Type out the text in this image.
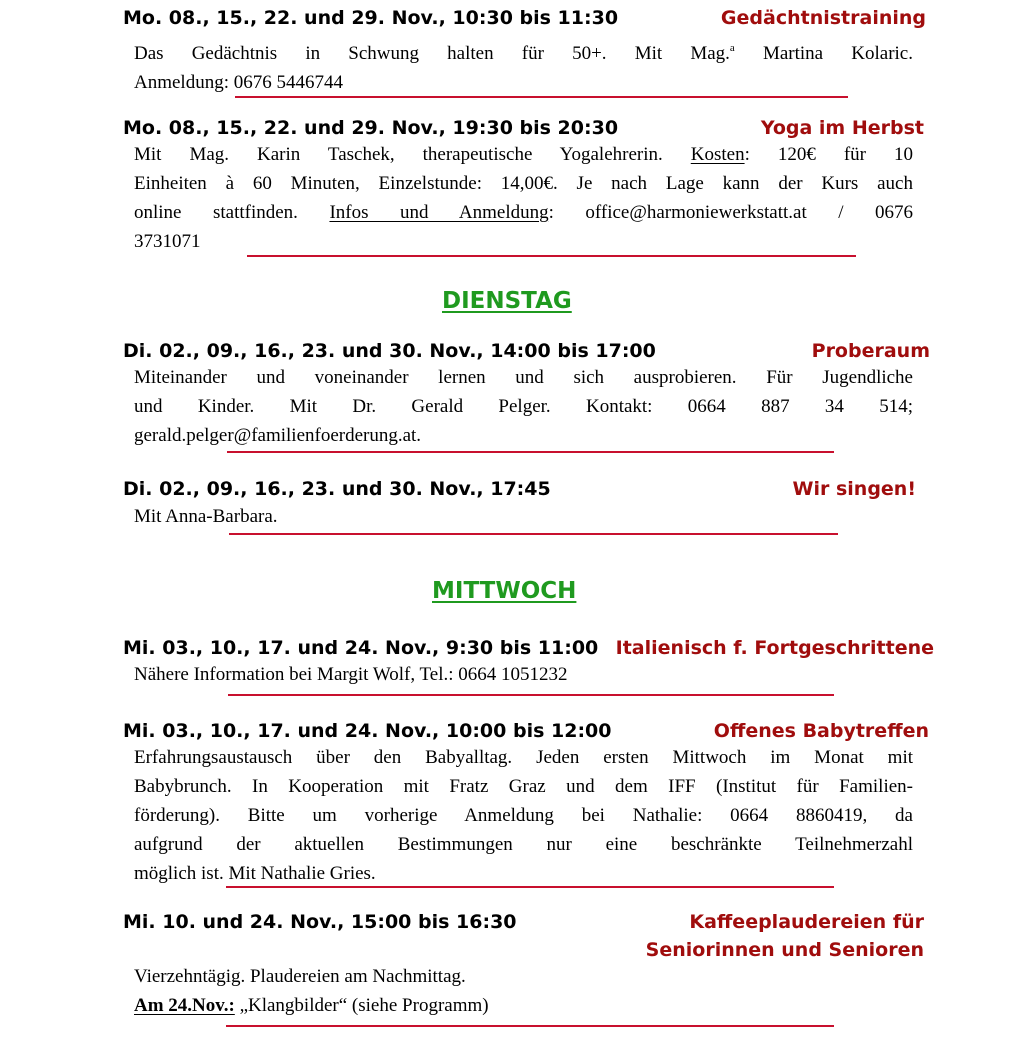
Mo. 08., 15., 22. und 29. Nov., 10:30 bis 11:30	Gedächtnistraining
Das Gedächtnis in Schwung halten für 50+. Mit Mag.$^a$ Martina Kolaric.
Anmeldung: 0676 5446744
Mo. 08., 15., 22. und 29. Nov., 19:30 bis 20:30	Yoga im Herbst
Mit Mag. Karin Taschek, therapeutische Yogalehrerin. Kosten: 120€ für 10
Einheiten à 60 Minuten, Einzelstunde: 14,00€. Je nach Lage kann der Kurs auch
online stattfinden. Infos und Anmeldung: office@harmoniewerkstatt.at / 0676
3731071
DIENSTAG
Di. 02., 09., 16., 23. und 30. Nov., 14:00 bis 17:00	Proberaum
Miteinander und voneinander lernen und sich ausprobieren. Für Jugendliche
und Kinder. Mit Dr. Gerald Pelger. Kontakt: 0664 887 34 514;
gerald.pelger@familienfoerderung.at.
Di. 02., 09., 16., 23. und 30. Nov., 17:45	Wir singen!
Mit Anna-Barbara.
MITTWOCH
Mi. 03., 10., 17. und 24. Nov., 9:30 bis 11:00 Italienisch f. Fortgeschrittene
Nähere Information bei Margit Wolf, Tel.: 0664 1051232
Mi. 03., 10., 17. und 24. Nov., 10:00 bis 12:00	Offenes Babytreffen
Erfahrungsaustausch über den Babyalltag. Jeden ersten Mittwoch im Monat mit
Babybrunch. In Kooperation mit Fratz Graz und dem IFF (Institut für Familien-
förderung). Bitte um vorherige Anmeldung bei Nathalie: 0664 8860419, da
aufgrund der aktuellen Bestimmungen nur eine beschränkte Teilnehmerzahl
möglich ist. Mit Nathalie Gries.
Mi. 10. und 24. Nov., 15:00 bis 16:30	Kaffeeplaudereien für
Seniorinnen und Senioren
Vierzehntägig. Plaudereien am Nachmittag.
Am 24.Nov.: „Klangbilder“ (siehe Programm)
